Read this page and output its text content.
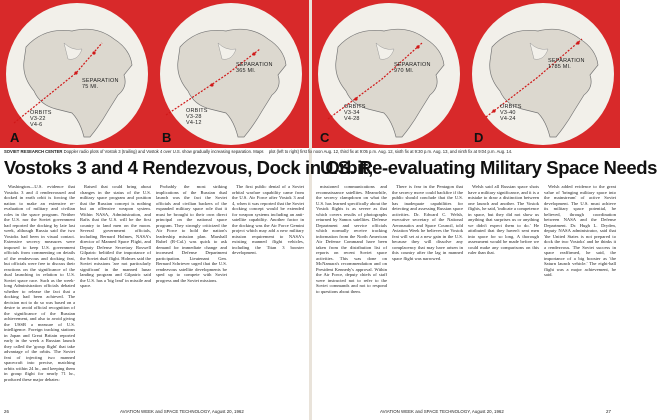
SEPARATION
75 MI.
ORBITS
V3-22
V4-6
A
SEPARATION
365 MI.
ORBITS
V3-28
V4-12
B
SEPARATION
970 MI.
ORBITS
V3-34
V4-28
C
SEPARATION
1785 MI.
ORBITS
V3-40
V4-24
D
SOVIET RESEARCH CENTER Doppler radio plots of Vostok 3 (trailing) and Vostok 4 over U.S. show gradually increasing separation. Maps plot (left to right) first fix noon Aug. 12, third fix at 9:05 p.m. Aug. 12, sixth fix at 9:30 p.m. Aug. 13, and ninth fix at 9:04 p.m. Aug. 14.
Vostoks 3 and 4 Rendezvous, Dock in Orbit;
U.S. Re-evaluating Military Space Needs

Washington—U.S. evidence that Vostoks 3 and 4 rendezvoused and docked in earth orbit is forcing the nation to make an extensive re-evaluation of military and civilian roles in the space program. Neither the U.S. nor the Soviet government had reported the docking by late last week, although Russia said the two Vostoks had been in visual contact. Extensive secrecy measures were imposed to keep U.S. government officials from commenting on details of the rendezvous and docking feat, but officials were free to discuss their reactions on the significance of the dual launching in relation to U.S. Soviet space race. Such as the week-long Administration officials debated whether to release the fact that a docking had been achieved. The decision not to do so was based on a desire to avoid official recognition of the significance of the Russian achievement, and also to avoid giving the USSR a measure of U.S. intelligence. Foreign tracking stations in Japan and Great Britain reported early in the week a Russian launch they called the 'group flight' that take advantage of the orbits. The Soviet feat of injecting two manned spacecraft into precise, matching orbits within 24 hr., and keeping them in group flight for nearly 71 hr., produced these major debates:

Raised that could bring about changes in the status of the U.S. military space program and position that the Russian concept is nothing but an offensive weapon system. Within NASA, Administration, and Rafts that the U.S. will be the first country to land men on the moon. Several government officials, including Bernard Holmes, NASA's director of Manned Space Flight, and Deputy Defense Secretary Roswell Gilpatric belittled the importance of the Soviet dual flight. Holmes said the Soviet missions 'are not particularly significant' in the manned lunar landing program and Gilpatric said the U.S. has a 'big lead' in missile and space.

Probably the most striking implications of the Russian dual launch was the fact the Soviet officials and civilian backers of the expanded military space role that it must be brought to their own direct principal on the national space program. They strongly criticized the Air Force to hold the nation's leadership mission plan. Marshall Rubel (R-Cal.) was quick to ask demand for immediate change and increased Defense Department participation. Lieutenant Gen. Bernard Schriever urged that the U.S. rendezvous satellite developments be sped up to compete with Soviet progress and the Soviet missions.

The first public denial of a Soviet orbital warfare capability came from the U.S. Air Force after Vostok 3 and 4, when it was reported that the Soviet docking concept would be extended for weapon systems including an anti-satellite capability. Another factor in the docking was the Air Force Gemini project which may add a new military mission requirement to NASA's existing manned flight vehicles, including the Titan 3 booster development.

missioned communications and reconnaissance satellites. Meanwhile, the secrecy clampdown on what the U.S. has learned specifically about the Vostok flights is as severe as that which covers results of photographs returned by Samos satellites. Defense Department and service officials which normally receive tracking information from the North American Air Defense Command have been taken from the distribution list of reports on recent Soviet space activities. This was done on McNamara's recommendation and on President Kennedy's approval. Within the Air Force, deputy chiefs of staff were instructed not to refer to the Soviet commands and not to respond to questions about them.

There is fear in the Pentagon that the secrecy move could backfire if the public should conclude that the U.S. has inadequate capabilities for detecting and assessing Russian space activities. Dr. Edward C. Welsh, executive secretary of the National Aeronautics and Space Council, told Aviation Week he believes the Vostok feat will set at a new gain in the U.S. because they will dissolve any complacency that may have arisen in this country after the lag in manned space flight was narrowed.

Welsh said all Russian space shots have a military significance, and it is a mistake to draw a distinction between one launch and another. The Vostok flights, he said, 'indicate a competence in space, but they did not show us anything that surprises us or anything we didn't expect them to do.' He attributed that they haven't sent men into space for so long. A thorough assessment would be made before we could make any comparisons on this ruler than that.

Welsh added evidence to the great value of 'bringing military space into the mainstream' of active Soviet development. The U.S. must achieve its military space potential, he believed, through coordination between NASA and the Defense Department. Dr. Hugh L. Dryden, deputy NASA administrator, said that 'the United States is not prepared to dock the two Vostoks' and he thinks it a rendezvous. The Soviet success in space reaffirmed, he said, the importance of a big booster as 'the Saturn launch vehicle.' The eight-ball flight was a major achievement, he said.

26	AVIATION WEEK and SPACE TECHNOLOGY, August 20, 1962	AVIATION WEEK and SPACE TECHNOLOGY, August 20, 1962	27
